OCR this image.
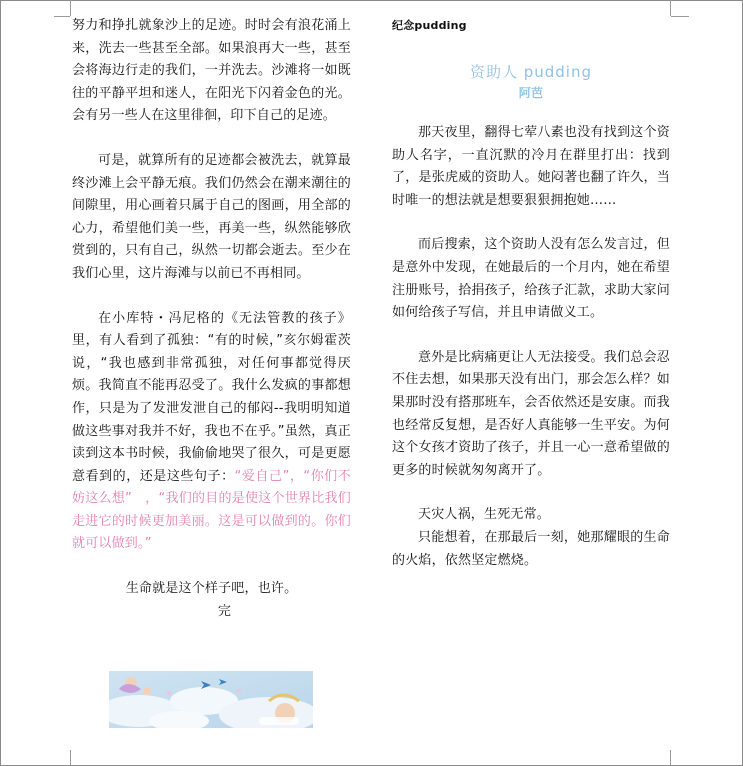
努力和挣扎就象沙上的足迹。时时会有浪花涌上来，洗去一些甚至全部。如果浪再大一些，甚至会将海边行走的我们，一并洗去。沙滩将一如既往的平静平坦和迷人，在阳光下闪着金色的光。会有另一些人在这里徘徊，印下自己的足迹。

可是，就算所有的足迹都会被洗去，就算最终沙滩上会平静无痕。我们仍然会在潮来潮往的间隙里，用心画着只属于自己的图画，用全部的心力，希望他们美一些，再美一些，纵然能够欣赏到的，只有自己，纵然一切都会逝去。至少在我们心里，这片海滩与以前已不再相同。

在小库特・冯尼格的《无法管教的孩子》里，有人看到了孤独：“有的时候，”亥尔姆霍茨说，“我也感到非常孤独，对任何事都觉得厌烦。我简直不能再忍受了。我什么发疯的事都想作，只是为了发泄发泄自己的郁闷--我明明知道做这些事对我并不好，我也不在乎。”虽然，真正读到这本书时候，我偷偷地哭了很久，可是更愿意看到的，还是这些句子：“爱自己”，“你们不妨这么想”　，“我们的目的是使这个世界比我们走进它的时候更加美丽。这是可以做到的。你们就可以做到。”

生命就是这个样子吧，也许。

完

纪念pudding
资助人 pudding
阿芭

那天夜里，翻得七荤八素也没有找到这个资助人名字，一直沉默的冷月在群里打出：找到了，是张虎威的资助人。她闷著也翻了许久，当时唯一的想法就是想要狠狠拥抱她……

而后搜索，这个资助人没有怎么发言过，但是意外中发现，在她最后的一个月内，她在希望注册账号，拾捐孩子，给孩子汇款，求助大家问如何给孩子写信，并且申请做义工。

意外是比病痛更让人无法接受。我们总会忍不住去想，如果那天没有出门，那会怎么样？如果那时没有搭那班车，会否依然还是安康。而我也经常反复想，是否好人真能够一生平安。为何这个女孩才资助了孩子，并且一心一意希望做的更多的时候就匆匆离开了。

天灾人祸，生死无常。

只能想着，在那最后一刻，她那耀眼的生命的火焰，依然坚定燃烧。
